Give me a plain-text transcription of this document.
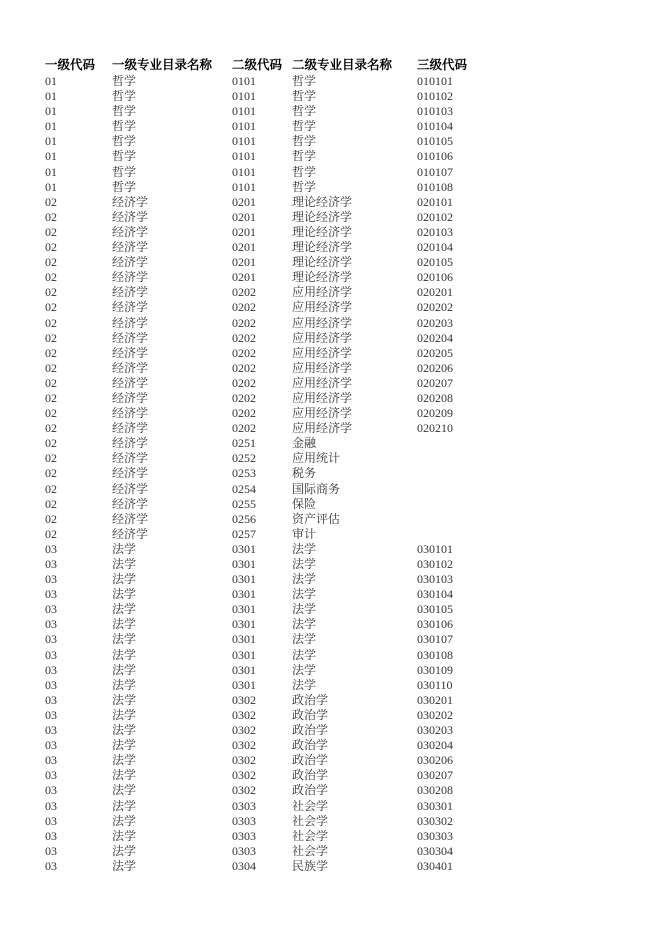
一级代码	一级专业目录名称	二级代码	二级专业目录名称	三级代码
01	哲学	0101	哲学	010101
01	哲学	0101	哲学	010102
01	哲学	0101	哲学	010103
01	哲学	0101	哲学	010104
01	哲学	0101	哲学	010105
01	哲学	0101	哲学	010106
01	哲学	0101	哲学	010107
01	哲学	0101	哲学	010108
02	经济学	0201	理论经济学	020101
02	经济学	0201	理论经济学	020102
02	经济学	0201	理论经济学	020103
02	经济学	0201	理论经济学	020104
02	经济学	0201	理论经济学	020105
02	经济学	0201	理论经济学	020106
02	经济学	0202	应用经济学	020201
02	经济学	0202	应用经济学	020202
02	经济学	0202	应用经济学	020203
02	经济学	0202	应用经济学	020204
02	经济学	0202	应用经济学	020205
02	经济学	0202	应用经济学	020206
02	经济学	0202	应用经济学	020207
02	经济学	0202	应用经济学	020208
02	经济学	0202	应用经济学	020209
02	经济学	0202	应用经济学	020210
02	经济学	0251	金融	
02	经济学	0252	应用统计	
02	经济学	0253	税务	
02	经济学	0254	国际商务	
02	经济学	0255	保险	
02	经济学	0256	资产评估	
02	经济学	0257	审计	
03	法学	0301	法学	030101
03	法学	0301	法学	030102
03	法学	0301	法学	030103
03	法学	0301	法学	030104
03	法学	0301	法学	030105
03	法学	0301	法学	030106
03	法学	0301	法学	030107
03	法学	0301	法学	030108
03	法学	0301	法学	030109
03	法学	0301	法学	030110
03	法学	0302	政治学	030201
03	法学	0302	政治学	030202
03	法学	0302	政治学	030203
03	法学	0302	政治学	030204
03	法学	0302	政治学	030206
03	法学	0302	政治学	030207
03	法学	0302	政治学	030208
03	法学	0303	社会学	030301
03	法学	0303	社会学	030302
03	法学	0303	社会学	030303
03	法学	0303	社会学	030304
03	法学	0304	民族学	030401
